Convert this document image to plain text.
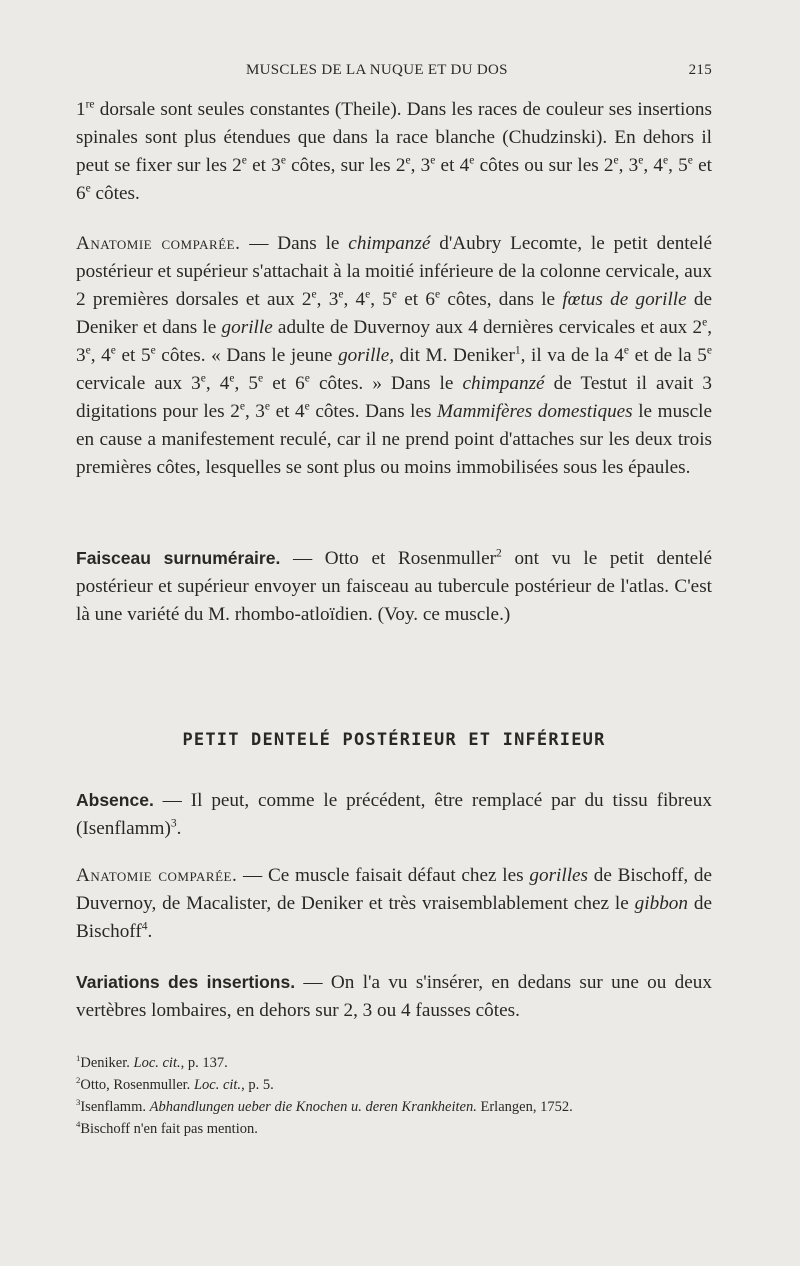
MUSCLES DE LA NUQUE ET DU DOS	215

1re dorsale sont seules constantes (Theile). Dans les races de couleur ses insertions spinales sont plus étendues que dans la race blanche (Chudzinski). En dehors il peut se fixer sur les 2e et 3e côtes, sur les 2e, 3e et 4e côtes ou sur les 2e, 3e, 4e, 5e et 6e côtes.

Anatomie comparée. — Dans le chimpanzé d'Aubry Lecomte, le petit dentelé postérieur et supérieur s'attachait à la moitié inférieure de la colonne cervicale, aux 2 premières dorsales et aux 2e, 3e, 4e, 5e et 6e côtes, dans le fœtus de gorille de Deniker et dans le gorille adulte de Duvernoy aux 4 dernières cervicales et aux 2e, 3e, 4e et 5e côtes. « Dans le jeune gorille, dit M. Deniker$^1$, il va de la 4e et de la 5e cervicale aux 3e, 4e, 5e et 6e côtes. » Dans le chimpanzé de Testut il avait 3 digitations pour les 2e, 3e et 4e côtes. Dans les Mammifères domestiques le muscle en cause a manifestement reculé, car il ne prend point d'attaches sur les deux trois premières côtes, lesquelles se sont plus ou moins immobilisées sous les épaules.

Faisceau surnuméraire. — Otto et Rosenmuller$^2$ ont vu le petit dentelé postérieur et supérieur envoyer un faisceau au tubercule postérieur de l'atlas. C'est là une variété du M. rhombo-atloïdien. (Voy. ce muscle.)

PETIT DENTELÉ POSTÉRIEUR ET INFÉRIEUR

Absence. — Il peut, comme le précédent, être remplacé par du tissu fibreux (Isenflamm)$^3$.

Anatomie comparée. — Ce muscle faisait défaut chez les gorilles de Bischoff, de Duvernoy, de Macalister, de Deniker et très vraisemblablement chez le gibbon de Bischoff$^4$.

Variations des insertions. — On l'a vu s'insérer, en dedans sur une ou deux vertèbres lombaires, en dehors sur 2, 3 ou 4 fausses côtes.

$^1$Deniker. Loc. cit., p. 137.
$^2$Otto, Rosenmuller. Loc. cit., p. 5.
$^3$Isenflamm. Abhandlungen ueber die Knochen u. deren Krankheiten. Erlangen, 1752.
$^4$Bischoff n'en fait pas mention.
